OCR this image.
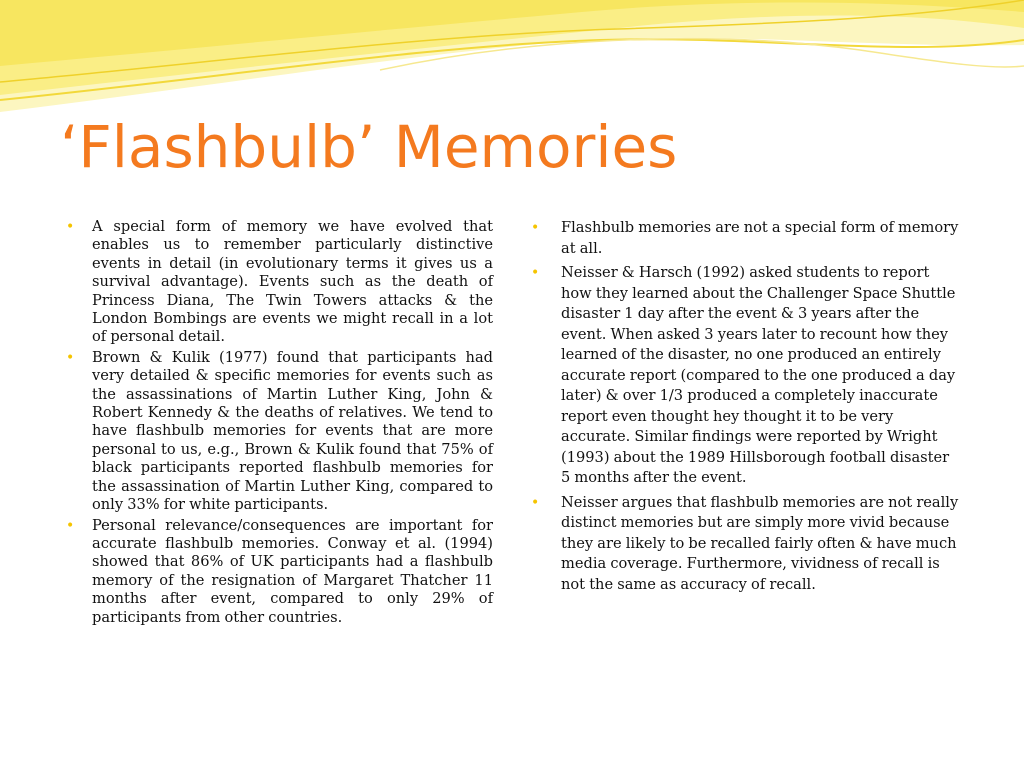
‘Flashbulb’ Memories
• A special form of memory we have evolved that enables us to remember particularly distinctive events in detail (in evolutionary terms it gives us a survival advantage). Events such as the death of Princess Diana, The Twin Towers attacks & the London Bombings are events we might recall in a lot of personal detail.
• Brown & Kulik (1977) found that participants had very detailed & specific memories for events such as the assassinations of Martin Luther King, John & Robert Kennedy & the deaths of relatives. We tend to have flashbulb memories for events that are more personal to us, e.g., Brown & Kulik found that 75% of black participants reported flashbulb memories for the assassination of Martin Luther King, compared to only 33% for white participants.
• Personal relevance/consequences are important for accurate flashbulb memories. Conway et al. (1994) showed that 86% of UK participants had a flashbulb memory of the resignation of Margaret Thatcher 11 months after event, compared to only 29% of participants from other countries.
• Flashbulb memories are not a special form of memory at all.
• Neisser & Harsch (1992) asked students to report how they learned about the Challenger Space Shuttle disaster 1 day after the event & 3 years after the event. When asked 3 years later to recount how they learned of the disaster, no one produced an entirely accurate report (compared to the one produced a day later) & over 1/3 produced a completely inaccurate report even thought hey thought it to be very accurate. Similar findings were reported by Wright (1993) about the 1989 Hillsborough football disaster 5 months after the event.
• Neisser argues that flashbulb memories are not really distinct memories but are simply more vivid because they are likely to be recalled fairly often & have much media coverage. Furthermore, vividness of recall is not the same as accuracy of recall.
